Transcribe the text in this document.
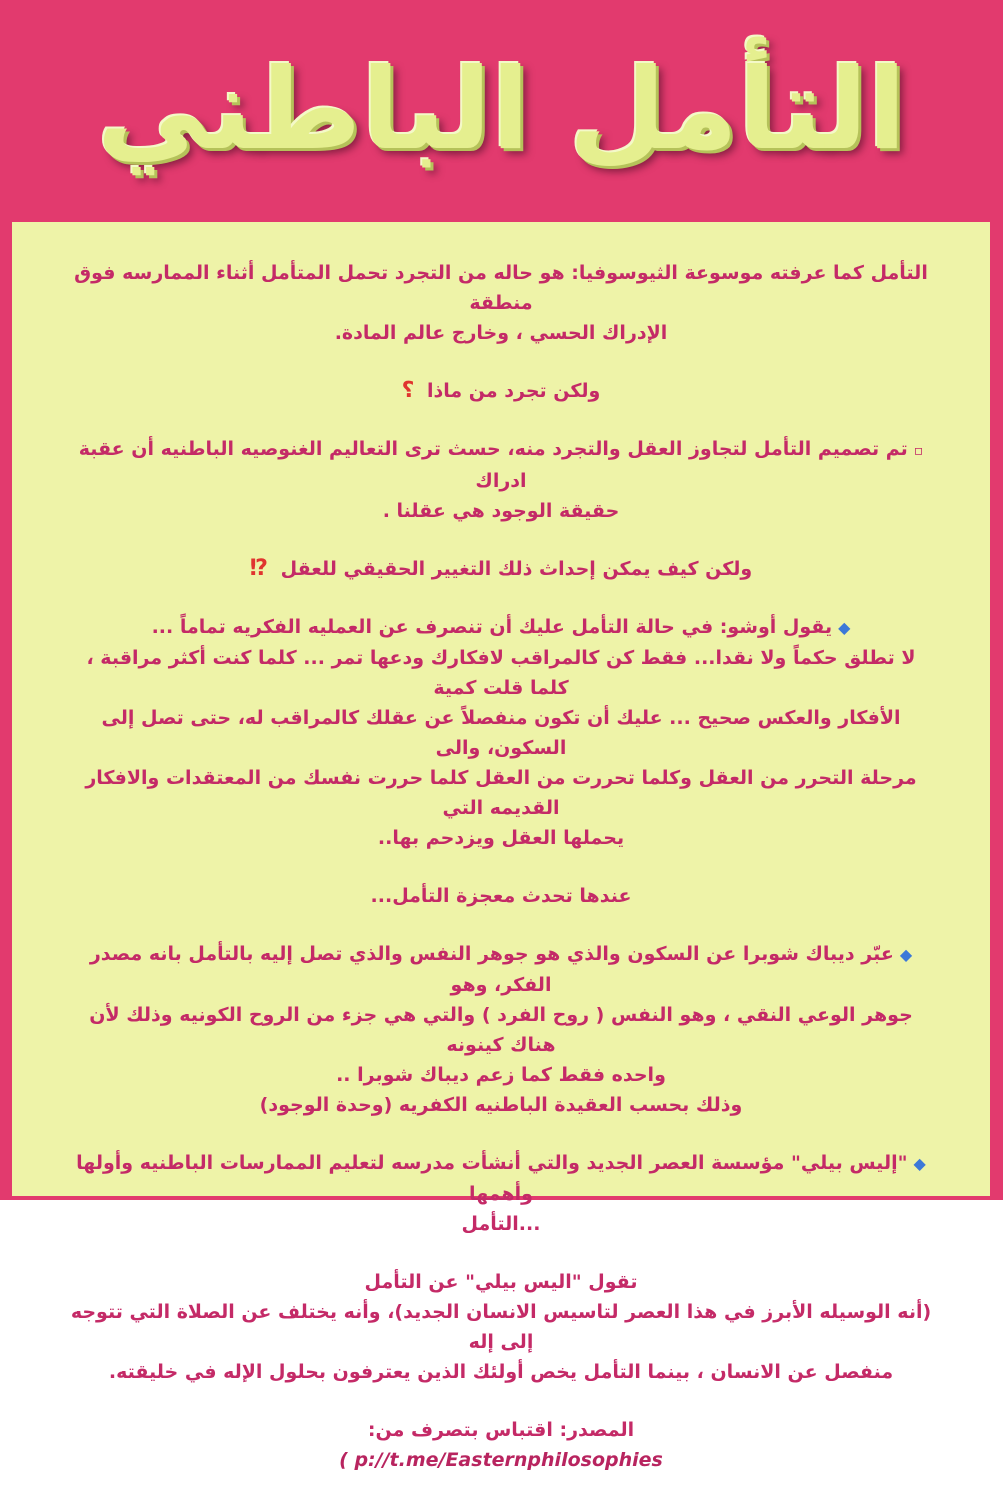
التأمل الباطني

التأمل كما عرفته موسوعة الثيوسوفيا: هو حاله من التجرد تحمل المتأمل أثناء الممارسه فوق منطقة

الإدراك الحسي ، وخارج عالم المادة.

ولكن تجرد من ماذا ؟

▫تم تصميم التأمل لتجاوز العقل والتجرد منه، حسث ترى التعاليم الغنوصيه الباطنيه أن عقبة ادراك

حقيقة الوجود هي عقلنا .

ولكن كيف يمكن إحداث ذلك التغيير الحقيقي للعقل ⁉

◆يقول أوشو: في حالة التأمل عليك أن تنصرف عن العمليه الفكريه تماماً ...

لا تطلق حكماً ولا نقدا... فقط كن كالمراقب لافكارك ودعها تمر ... كلما كنت أكثر مراقبة ، كلما قلت كمية

الأفكار والعكس صحيح ... عليك أن تكون منفصلاً عن عقلك كالمراقب له، حتى تصل إلى السكون، والى

مرحلة التحرر من العقل وكلما تحررت من العقل كلما حررت نفسك من المعتقدات والافكار القديمه التي

يحملها العقل ويزدحم بها..

عندها تحدث معجزة التأمل...

◆عبّر ديباك شوبرا عن السكون والذي هو جوهر النفس والذي تصل إليه بالتأمل بانه مصدر الفكر، وهو

جوهر الوعي النقي ، وهو النفس ( روح الفرد ) والتي هي جزء من الروح الكونيه وذلك لأن هناك كينونه

واحده فقط كما زعم ديباك شوبرا ..

وذلك بحسب العقيدة الباطنيه الكفريه (وحدة الوجود)

◆"إليس بيلي" مؤسسة العصر الجديد والتي أنشأت مدرسه لتعليم الممارسات الباطنيه وأولها وأهمها

...التأمل

تقول "اليس بيلي" عن التأمل

(أنه الوسيله الأبرز في هذا العصر لتاسيس الانسان الجديد)، وأنه يختلف عن الصلاة التي تتوجه إلى إله

منفصل عن الانسان ، بينما التأمل يخص أولئك الذين يعترفون بحلول الإله في خليقته.

المصدر: اقتباس بتصرف من:

( p://t.me/Easternphilosophies
